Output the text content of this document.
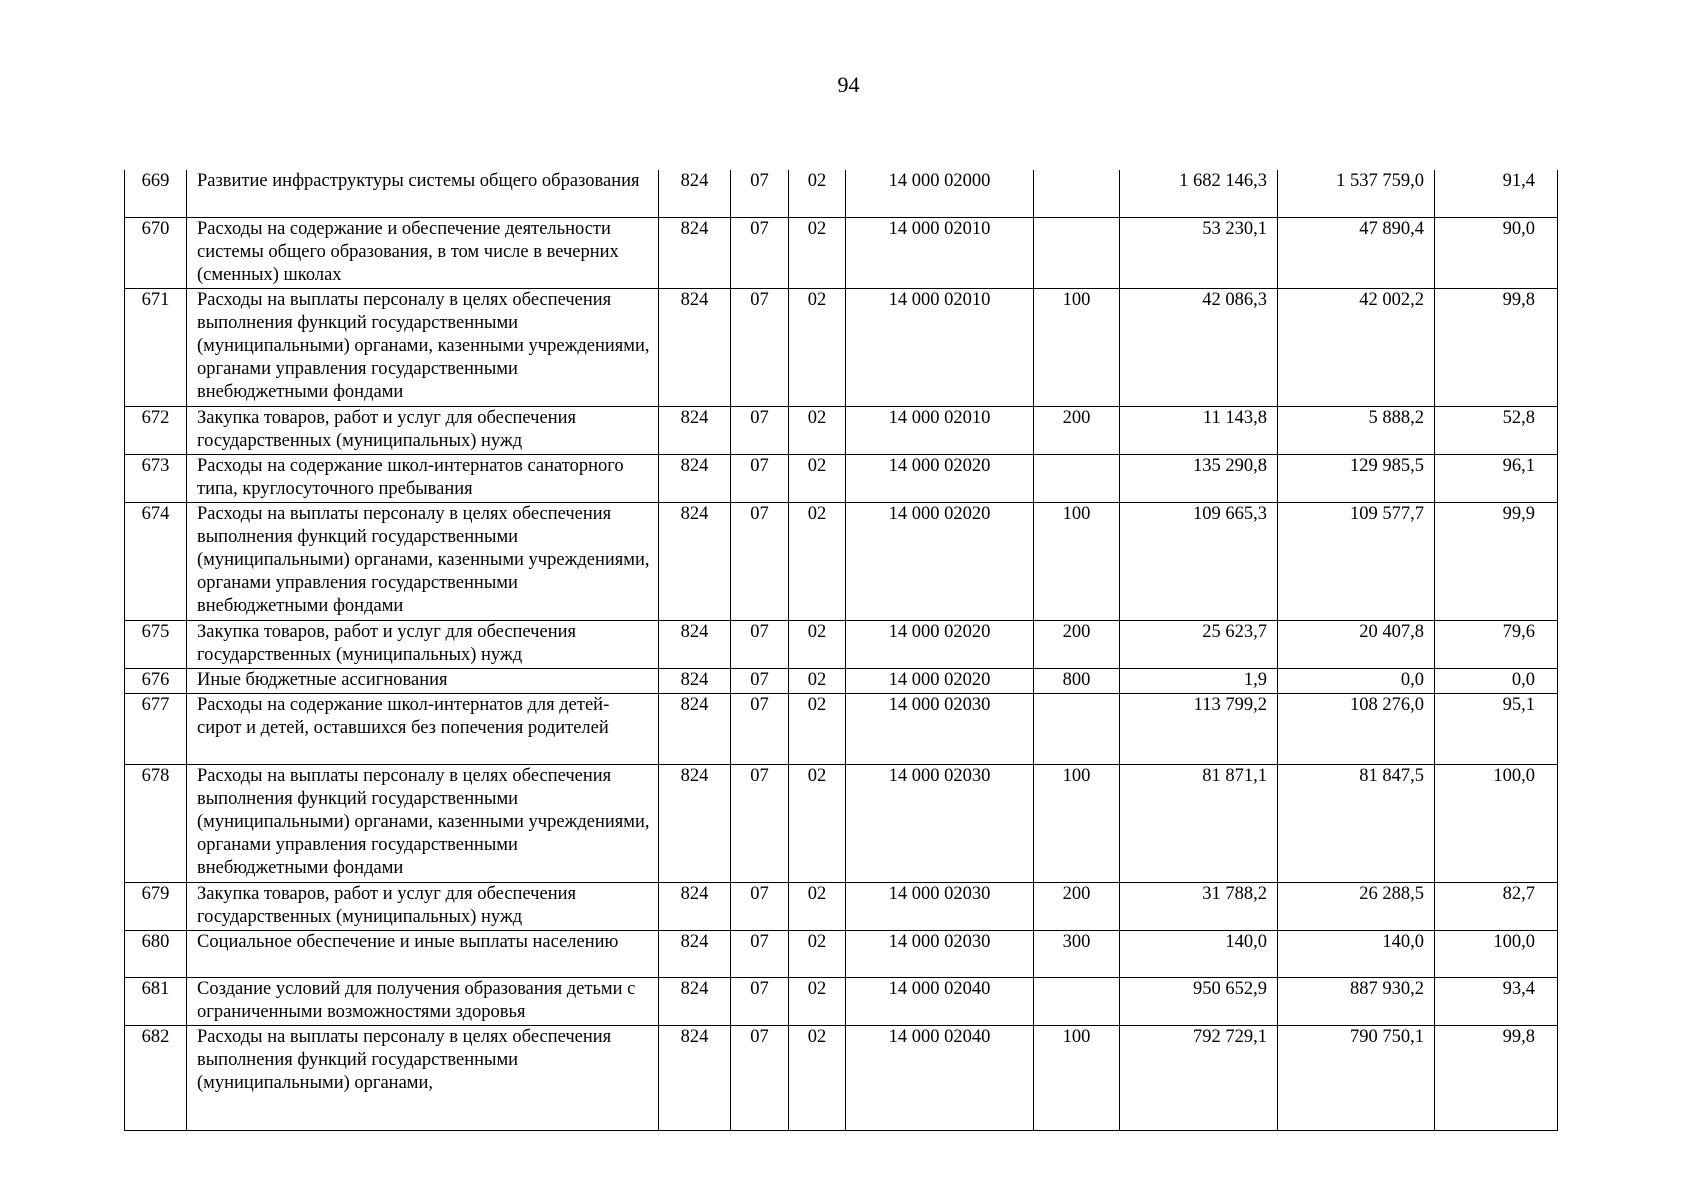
94
669	Развитие инфраструктуры системы общего образования	824	07	02	14 000 02000		1 682 146,3	1 537 759,0	91,4
670	Расходы на содержание и обеспечение деятельности системы общего образования, в том числе в вечерних (сменных) школах	824	07	02	14 000 02010		53 230,1	47 890,4	90,0
671	Расходы на выплаты персоналу в целях обеспечения выполнения функций государственными (муниципальными) органами, казенными учреждениями, органами управления государственными внебюджетными фондами	824	07	02	14 000 02010	100	42 086,3	42 002,2	99,8
672	Закупка товаров, работ и услуг для обеспечения государственных (муниципальных) нужд	824	07	02	14 000 02010	200	11 143,8	5 888,2	52,8
673	Расходы на содержание школ-интернатов санаторного типа, круглосуточного пребывания	824	07	02	14 000 02020		135 290,8	129 985,5	96,1
674	Расходы на выплаты персоналу в целях обеспечения выполнения функций государственными (муниципальными) органами, казенными учреждениями, органами управления государственными внебюджетными фондами	824	07	02	14 000 02020	100	109 665,3	109 577,7	99,9
675	Закупка товаров, работ и услуг для обеспечения государственных (муниципальных) нужд	824	07	02	14 000 02020	200	25 623,7	20 407,8	79,6
676	Иные бюджетные ассигнования	824	07	02	14 000 02020	800	1,9	0,0	0,0
677	Расходы на содержание школ-интернатов для детей-сирот и детей, оставшихся без попечения родителей	824	07	02	14 000 02030		113 799,2	108 276,0	95,1
678	Расходы на выплаты персоналу в целях обеспечения выполнения функций государственными (муниципальными) органами, казенными учреждениями, органами управления государственными внебюджетными фондами	824	07	02	14 000 02030	100	81 871,1	81 847,5	100,0
679	Закупка товаров, работ и услуг для обеспечения государственных (муниципальных) нужд	824	07	02	14 000 02030	200	31 788,2	26 288,5	82,7
680	Социальное обеспечение и иные выплаты населению	824	07	02	14 000 02030	300	140,0	140,0	100,0
681	Создание условий для получения образования детьми с ограниченными возможностями здоровья	824	07	02	14 000 02040		950 652,9	887 930,2	93,4
682	Расходы на выплаты персоналу в целях обеспечения выполнения функций государственными (муниципальными) органами,	824	07	02	14 000 02040	100	792 729,1	790 750,1	99,8
